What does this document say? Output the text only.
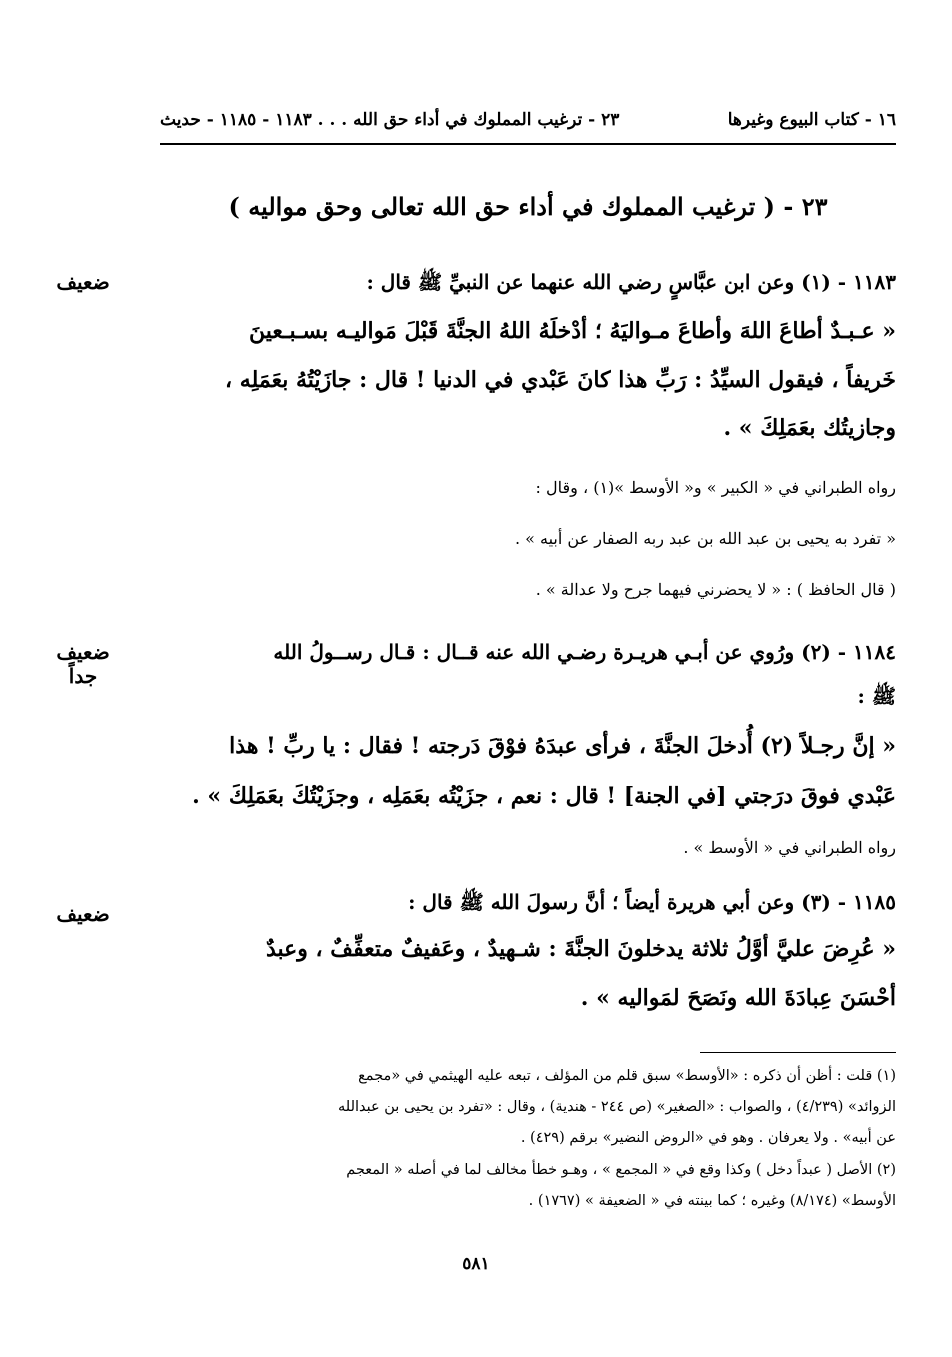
١٦ - كتاب البيوع وغيرها
٢٣ - ترغيب المملوك في أداء حق الله . . . ١١٨٣ - ١١٨٥ - حديث
٢٣ - ( ترغيب المملوك في أداء حق الله تعالى وحق مواليه )
ضعيف	١١٨٣ - (١) وعن ابن عبَّاسٍ رضي الله عنهما عن النبيِّ ﷺ قال :
« عـبـدٌ أطاعَ اللهَ وأطاعَ مـواليَهُ ؛ أدْخلَهُ اللهُ الجنَّةَ قَبْلَ مَواليـه بسـبـعينَ
خَريفاً ، فيقول السيِّدُ : رَبِّ هذا كانَ عَبْدي في الدنيا ! قال : جازَيْتُهُ بعَمَلِه ،
وجازيتُك بعَمَلِكَ » .
رواه الطبراني في « الكبير » و« الأوسط »(١) ، وقال :
« تفرد به يحيى بن عبد الله بن عبد ربه الصفار عن أبيه » .
( قال الحافظ ) : « لا يحضرني فيهما جرح ولا عدالة » .
ضعيف
جداً
١١٨٤ - (٢) ورُوي عن أبـي هريـرة رضـي الله عنه قــال : قـال رســولُ الله
ﷺ :
« إنَّ رجـلاً (٢) أُدخلَ الجنَّةَ ، فرأى عبدَهُ فوْقَ دَرجته ! فقال : يا ربِّ ! هذا
عَبْدي فوقَ درَجتي [في الجنة] ! قال : نعم ، جزَيْتُه بعَمَلِه ، وجزَيْتُكَ بعَمَلِكَ » .
رواه الطبراني في « الأوسط » .
ضعيف	١١٨٥ - (٣) وعن أبي هريرة أيضاً ؛ أنَّ رسولَ الله ﷺ قال :
« عُرِضَ عليَّ أوَّلُ ثلاثة يدخلونَ الجنَّةَ : شـهيدٌ ، وعَفيفٌ متعفِّفٌ ، وعبدٌ
أحْسَنَ عِبادَةَ الله ونَصَحَ لمَواليه » .
(١) قلت : أظن أن ذكره : «الأوسط» سبق قلم من المؤلف ، تبعه عليه الهيثمي في «مجمع
الزوائد» (٤/٢٣٩) ، والصواب : «الصغير» (ص ٢٤٤ - هندية) ، وقال : «تفرد بن يحيى بن عبدالله
عن أبيه» . ولا يعرفان . وهو في «الروض النضير» برقم (٤٢٩) .
(٢) الأصل ( عبداً دخل ) وكذا وقع في « المجمع » ، وهـو خطأ مخالف لما في أصله « المعجم
الأوسط» (٨/١٧٤) وغيره ؛ كما بينته في « الضعيفة » (١٧٦٧) .
٥٨١
